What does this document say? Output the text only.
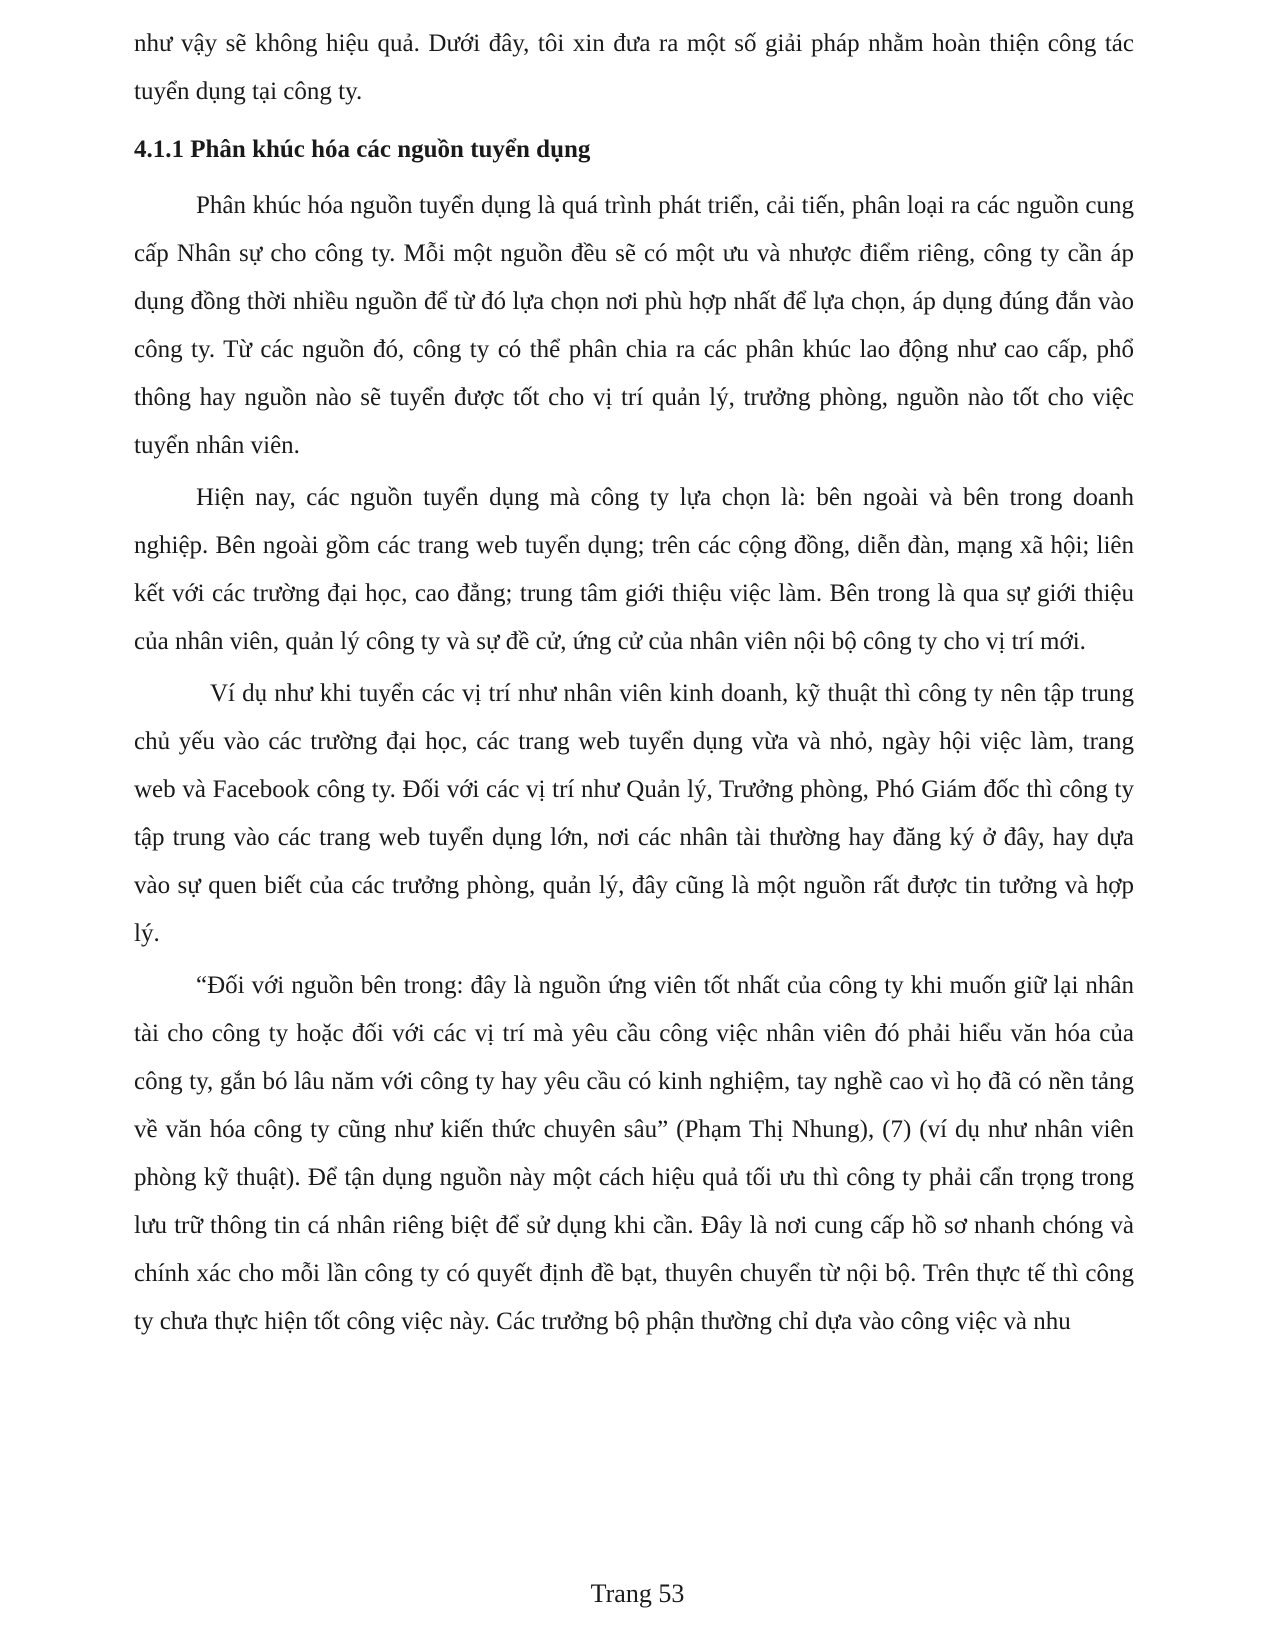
như vậy sẽ không hiệu quả. Dưới đây, tôi xin đưa ra một số giải pháp nhằm hoàn thiện công tác tuyển dụng tại công ty.

4.1.1 Phân khúc hóa các nguồn tuyển dụng

Phân khúc hóa nguồn tuyển dụng là quá trình phát triển, cải tiến, phân loại ra các nguồn cung cấp Nhân sự cho công ty. Mỗi một nguồn đều sẽ có một ưu và nhược điểm riêng, công ty cần áp dụng đồng thời nhiều nguồn để từ đó lựa chọn nơi phù hợp nhất để lựa chọn, áp dụng đúng đắn vào công ty. Từ các nguồn đó, công ty có thể phân chia ra các phân khúc lao động như cao cấp, phổ thông hay nguồn nào sẽ tuyển được tốt cho vị trí quản lý, trưởng phòng, nguồn nào tốt cho việc tuyển nhân viên.

Hiện nay, các nguồn tuyển dụng mà công ty lựa chọn là: bên ngoài và bên trong doanh nghiệp. Bên ngoài gồm các trang web tuyển dụng; trên các cộng đồng, diễn đàn, mạng xã hội; liên kết với các trường đại học, cao đẳng; trung tâm giới thiệu việc làm. Bên trong là qua sự giới thiệu của nhân viên, quản lý công ty và sự đề cử, ứng cử của nhân viên nội bộ công ty cho vị trí mới.

Ví dụ như khi tuyển các vị trí như nhân viên kinh doanh, kỹ thuật thì công ty nên tập trung chủ yếu vào các trường đại học, các trang web tuyển dụng vừa và nhỏ, ngày hội việc làm, trang web và Facebook công ty. Đối với các vị trí như Quản lý, Trưởng phòng, Phó Giám đốc thì công ty tập trung vào các trang web tuyển dụng lớn, nơi các nhân tài thường hay đăng ký ở đây, hay dựa vào sự quen biết của các trưởng phòng, quản lý, đây cũng là một nguồn rất được tin tưởng và hợp lý.

“Đối với nguồn bên trong: đây là nguồn ứng viên tốt nhất của công ty khi muốn giữ lại nhân tài cho công ty hoặc đối với các vị trí mà yêu cầu công việc nhân viên đó phải hiểu văn hóa của công ty, gắn bó lâu năm với công ty hay yêu cầu có kinh nghiệm, tay nghề cao vì họ đã có nền tảng về văn hóa công ty cũng như kiến thức chuyên sâu” (Phạm Thị Nhung), (7) (ví dụ như nhân viên phòng kỹ thuật). Để tận dụng nguồn này một cách hiệu quả tối ưu thì công ty phải cẩn trọng trong lưu trữ thông tin cá nhân riêng biệt để sử dụng khi cần. Đây là nơi cung cấp hồ sơ nhanh chóng và chính xác cho mỗi lần công ty có quyết định đề bạt, thuyên chuyển từ nội bộ. Trên thực tế thì công ty chưa thực hiện tốt công việc này. Các trưởng bộ phận thường chỉ dựa vào công việc và nhu

Trang 53
